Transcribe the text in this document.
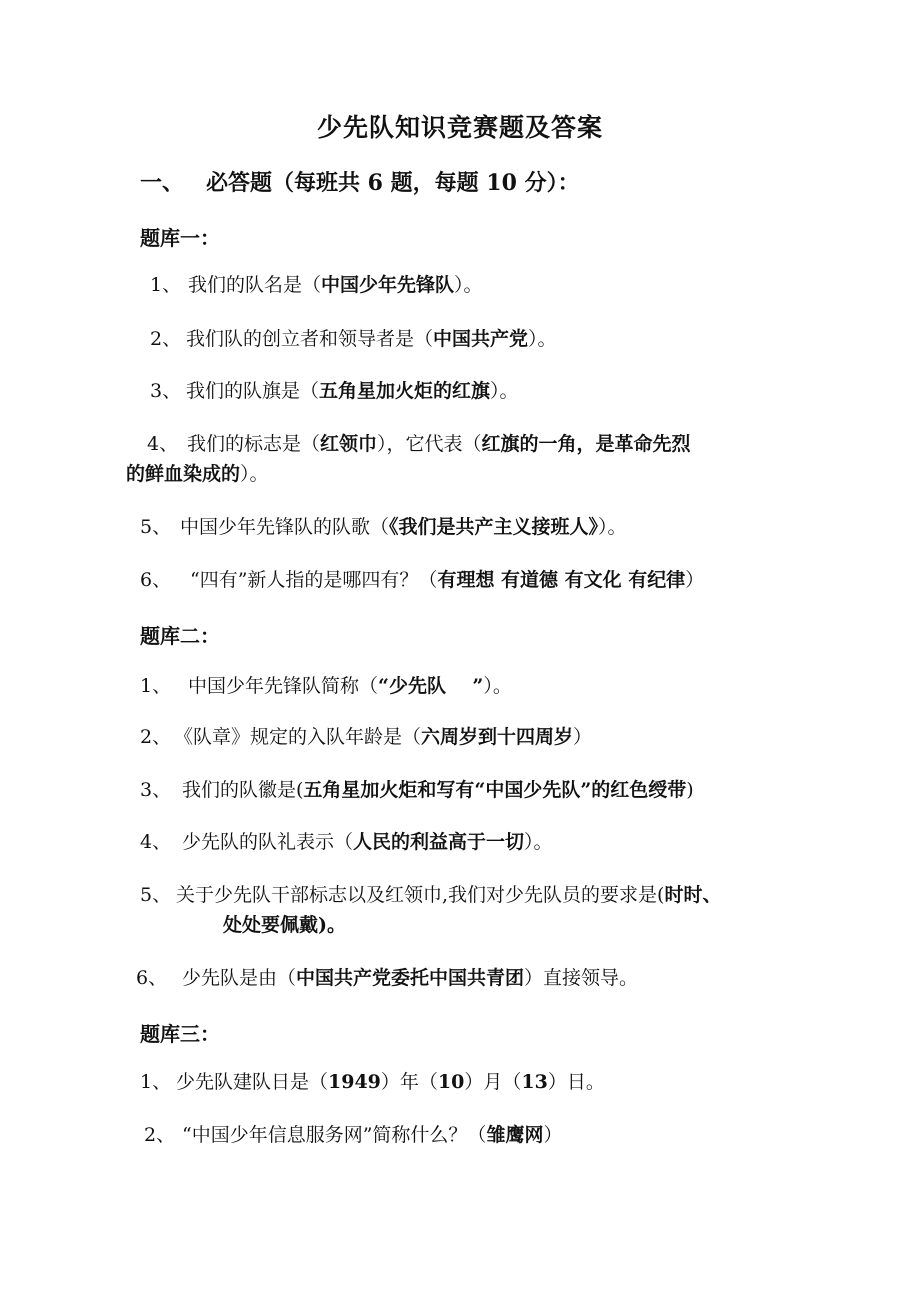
少先队知识竞赛题及答案
一、 必答题（每班共 6 题，每题 10 分）：
题库一：
1、 我们的队名是（中国少年先锋队）。
2、 我们队的创立者和领导者是（中国共产党）。
3、 我们的队旗是（五角星加火炬的红旗）。
4、 我们的标志是（红领巾），它代表（红旗的一角，是革命先烈
的鲜血染成的）。
5、 中国少年先锋队的队歌（《我们是共产主义接班人》）。
6、 “四有”新人指的是哪四有？（有理想 有道德 有文化 有纪律）
题库二：
1、 中国少年先锋队简称（“少先队    ”）。
2、 《队章》规定的入队年龄是（六周岁到十四周岁）
3、 我们的队徽是(五角星加火炬和写有“中国少先队”的红色绶带)
4、 少先队的队礼表示（人民的利益高于一切）。
5、 关于少先队干部标志以及红领巾,我们对少先队员的要求是(时时、
处处要佩戴)。
6、 少先队是由（中国共产党委托中国共青团）直接领导。
题库三：
1、 少先队建队日是（1949）年（10）月（13）日。
2、 “中国少年信息服务网”简称什么？（雏鹰网）
